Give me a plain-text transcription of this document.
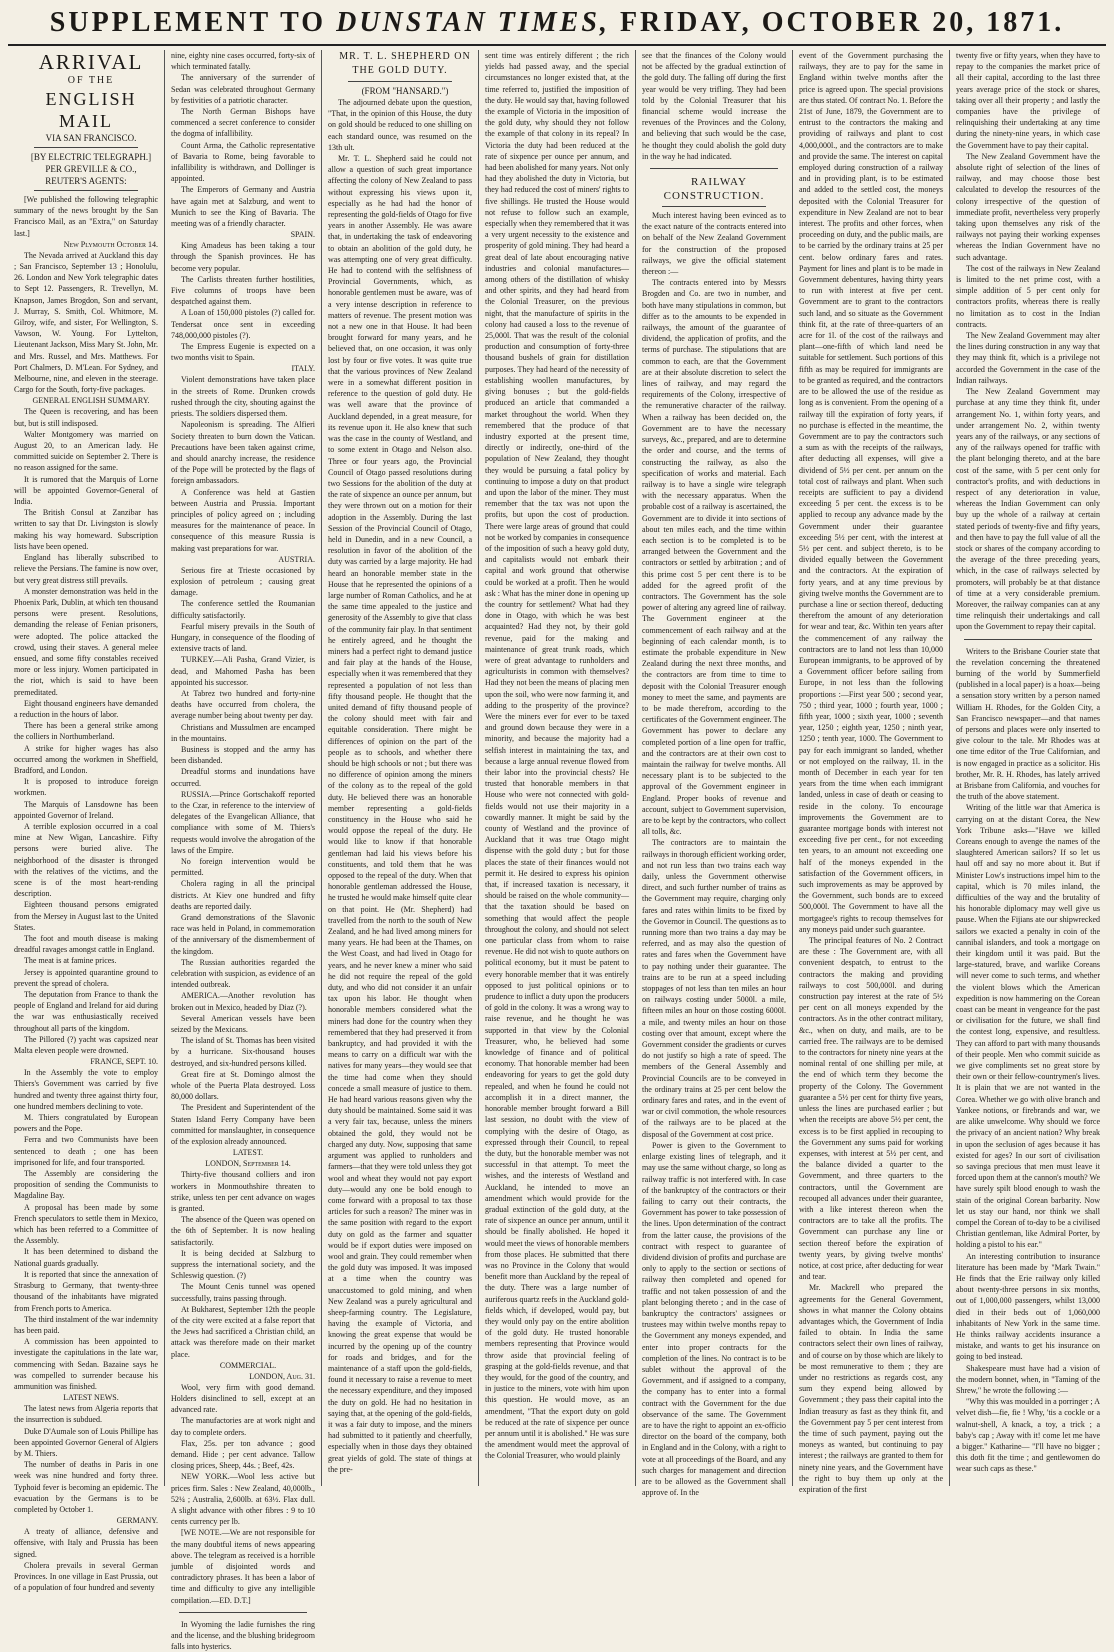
SUPPLEMENT TO DUNSTAN TIMES, FRIDAY, OCTOBER 20, 1871.

ARRIVAL

OF THE

ENGLISH MAIL

VIA SAN FRANCISCO.

[BY ELECTRIC TELEGRAPH.]

PER GREVILLE & CO., REUTER'S AGENTS:

[We published the following telegraphic summary of the news brought by the San Francisco Mail, as an "Extra," on Saturday last.]

New Plymouth October 14.

The Nevada arrived at Auckland this day ; San Francisco, September 13 ; Honolulu, 26. London and New York telegraphic dates to Sept 12. Passengers, R. Trevellyn, M. Knapson, James Brogdon, Son and servant, J. Murray, S. Smith, Col. Whitmore, M. Gilroy, wife, and sister, For Wellington, S. Vawson, W. Young. For Lyttelton, Lieutenant Jackson, Miss Mary St. John, Mr. and Mrs. Russel, and Mrs. Matthews. For Port Chalmers, D. M'Lean. For Sydney, and Melbourne, nine, and eleven in the steerage. Cargo for the South, forty-five packages.

GENERAL ENGLISH SUMMARY.

The Queen is recovering, and has been but, but is still indisposed.

Walter Montgomery was married on August 20, to an American lady. He committed suicide on September 2. There is no reason assigned for the same.

It is rumored that the Marquis of Lorne will be appointed Governor-General of India.

The British Consul at Zanzibar has written to say that Dr. Livingston is slowly making his way homeward. Subscription lists have been opened.

England has liberally subscribed to relieve the Persians. The famine is now over, but very great distress still prevails.

A monster demonstration was held in the Phoenix Park, Dublin, at which ten thousand persons were present. Resolutions, demanding the release of Fenian prisoners, were adopted. The police attacked the crowd, using their staves. A general melee ensued, and some fifty constables received more or less injury. Women participated in the riot, which is said to have been premeditated.

Eight thousand engineers have demanded a reduction in the hours of labor.

There has been a general strike among the colliers in Northumberland.

A strike for higher wages has also occurred among the workmen in Sheffield, Bradford, and London.

It is proposed to introduce foreign workmen.

The Marquis of Lansdowne has been appointed Governor of Ireland.

A terrible explosion occurred in a coal mine at New Wigan, Lancashire. Fifty persons were buried alive. The neighborhood of the disaster is thronged with the relatives of the victims, and the scene is of the most heart-rending description.

Eighteen thousand persons emigrated from the Mersey in August last to the United States.

The foot and mouth disease is making dreadful ravages amongst cattle in England.

The meat is at famine prices.

Jersey is appointed quarantine ground to prevent the spread of cholera.

The deputation from France to thank the people of England and Ireland for aid during the war was enthusiastically received throughout all parts of the kingdom.

The Pillored (?) yacht was capsized near Malta eleven people were drowned.

FRANCE, SEPT. 10.

In the Assembly the vote to employ Thiers's Government was carried by five hundred and twenty three against thirty four, one hundred members declining to vote.

M. Thiers congratulated by European powers and the Pope.

Ferra and two Communists have been sentenced to death ; one has been imprisoned for life, and four transported.

The Assembly are considering the proposition of sending the Communists to Magdaline Bay.

A proposal has been made by some French speculators to settle them in Mexico, which has been referred to a Committee of the Assembly.

It has been determined to disband the National guards gradually.

It is reported that since the annexation of Strasburg to Germany, that twenty-three thousand of the inhabitants have migrated from French ports to America.

The third instalment of the war indemnity has been paid.

A commission has been appointed to investigate the capitulations in the late war, commencing with Sedan. Bazaine says he was compelled to surrender because his ammunition was finished.

LATEST NEWS.

The latest news from Algeria reports that the insurrection is subdued.

Duke D'Aumale son of Louis Phillipe has been appointed Governor General of Algiers by M. Thiers.

The number of deaths in Paris in one week was nine hundred and forty three. Typhoid fever is becoming an epidemic. The evacuation by the Germans is to be completed by October 1.

GERMANY.

A treaty of alliance, defensive and offensive, with Italy and Prussia has been signed.

Cholera prevails in several German Provinces. In one village in East Prussia, out of a population of four hundred and seventy

nine, eighty nine cases occurred, forty-six of which terminated fatally.

The anniversary of the surrender of Sedan was celebrated throughout Germany by festivities of a patriotic character.

The North German Bishops have commenced a secret conference to consider the dogma of infallibility.

Count Arma, the Catholic representative of Bavaria to Rome, being favorable to infallibility is withdrawn, and Dollinger is appointed.

The Emperors of Germany and Austria have again met at Salzburg, and went to Munich to see the King of Bavaria. The meeting was of a friendly character.

SPAIN.

King Amadeus has been taking a tour through the Spanish provinces. He has become very popular.

The Carlists threaten further hostilities, Five columns of troops have been despatched against them.

A Loan of 150,000 pistoles (?) called for. Tendersat once sent in exceeding 748,000,000 pistoles (?).

The Empress Eugenie is expected on a two months visit to Spain.

ITALY.

Violent demonstrations have taken place in the streets of Rome. Drunken crowds rushed through the city, shouting against the priests. The soldiers dispersed them.

Napoleonism is spreading. The Alfieri Society threaten to burn down the Vatican. Precautions have been taken against crime, and should anarchy increase, the residence of the Pope will be protected by the flags of foreign ambassadors.

A Conference was held at Gastien between Austria and Prussia. Important principles of policy agreed on ; including measures for the maintenance of peace. In consequence of this measure Russia is making vast preparations for war.

AUSTRIA.

Serious fire at Trieste occasioned by explosion of petroleum ; causing great damage.

The conference settled the Roumanian difficulty satisfactorily.

Fearful misery prevails in the South of Hungary, in consequence of the flooding of extensive tracts of land.

TURKEY.—Ali Pasha, Grand Vizier, is dead, and Mahomed Pasha has been appointed his successor.

At Tabrez two hundred and forty-nine deaths have occurred from cholera, the average number being about twenty per day.

Christians and Mussulmen are encamped in the mountains.

Business is stopped and the army has been disbanded.

Dreadful storms and inundations have occurred.

RUSSIA.—Prince Gortschakoff reported to the Czar, in reference to the interview of delegates of the Evangelican Alliance, that compliance with some of M. Thiers's requests would involve the abrogation of the laws of the Empire.

No foreign intervention would be permitted.

Cholera raging in all the principal districts. At Kiev one hundred and fifty deaths are reported daily.

Grand demonstrations of the Slavonic race was held in Poland, in commemoration of the anniversary of the dismemberment of the kingdom.

The Russian authorities regarded the celebration with suspicion, as evidence of an intended outbreak.

AMERICA.—Another revolution has broken out in Mexico, headed by Diaz (?).

Several American vessels have been seized by the Mexicans.

The island of St. Thomas has been visited by a hurricane. Six-thousand houses destroyed, and six-hundred persons killed.

Great fire at St. Domingo almost the whole of the Puerta Plata destroyed. Loss 80,000 dollars.

The President and Superintendent of the Staten Island Ferry Company have been committed for manslaughter, in consequence of the explosion already announced.

LATEST.

LONDON, September 14.

Thirty-five thousand colliers and iron workers in Monmouthshire threaten to strike, unless ten per cent advance on wages is granted.

The absence of the Queen was opened on the 6th of September. It is now healing satisfactorily.

It is being decided at Salzburg to suppress the international society, and the Schleswig question. (?)

The Mount Cenis tunnel was opened successfully, trains passing through.

At Bukharest, September 12th the people of the city were excited at a false report that the Jews had sacrificed a Christian child, an attack was therefore made on their market place.

COMMERCIAL.

LONDON, Aug. 31.

Wool, very firm with good demand. Holders disinclined to sell, except at an advanced rate.

The manufactories are at work night and day to complete orders.

Flax, 25s. per ton advance ; good demand. Hide ; per cent advance. Tallow closing prices, Sheep, 44s. ; Beef, 42s.

NEW YORK.—Wool less active but prices firm. Sales : New Zealand, 40,000lb., 52¼ ; Australia, 2,600lb. at 63½. Flax dull. A slight advance with other fibres : 9 to 10 cents currency per lb.

[WE NOTE.—We are not responsible for the many doubtful items of news appearing above. The telegram as received is a horrible jumble of disjointed words and contradictory phrases. It has been a labor of time and difficulty to give any intelligible compilation.—ED. D.T.]

In Wyoming the ladie furnishes the ring and the license, and the blushing bridegroom falls into hysterics.

MR. T. L. SHEPHERD ON THE GOLD DUTY.

(FROM "HANSARD.")

The adjourned debate upon the question, "That, in the opinion of this House, the duty on gold should be reduced to one shilling on each standard ounce, was resumed on the 13th ult.

Mr. T. L. Shepherd said he could not allow a question of such great importance affecting the colony of New Zealand to pass without expressing his views upon it, especially as he had had the honor of representing the gold-fields of Otago for five years in another Assembly. He was aware that, in undertaking the task of endeavoring to obtain an abolition of the gold duty, he was attempting one of very great difficulty. He had to contend with the selfishness of Provincial Governments, which, as honorable gentlemen must be aware, was of a very intense description in reference to matters of revenue. The present motion was not a new one in that House. It had been brought forward for many years, and he believed that, on one occasion, it was only lost by four or five votes. It was quite true that the various provinces of New Zealand were in a somewhat different position in reference to the question of gold duty. He was well aware that the province of Auckland depended, in a great measure, for its revenue upon it. He also knew that such was the case in the county of Westland, and to some extent in Otago and Nelson also. Three or four years ago, the Provincial Council of Otago passed resolutions during two Sessions for the abolition of the duty at the rate of sixpence an ounce per annum, but they were thrown out on a motion for their adoption in the Assembly. During the last Session of the Provincial Council of Otago, held in Dunedin, and in a new Council, a resolution in favor of the abolition of the duty was carried by a large majority. He had heard an honorable member state in the House that he represented the opinions of a large number of Roman Catholics, and he at the same time appealed to the justice and generosity of the Assembly to give that class of the community fair play. In that sentiment he entirely agreed, and he thought the miners had a perfect right to demand justice and fair play at the hands of the House, especially when it was remembered that they represented a population of not less than fifty thousand people. He thought that the united demand of fifty thousand people of the colony should meet with fair and equitable consideration. There might be differences of opinion on the part of the people as to schools, and whether there should be high schools or not ; but there was no difference of opinion among the miners of the colony as to the repeal of the gold duty. He believed there was an honorable member representing a gold-fields constituency in the House who said he would oppose the repeal of the duty. He would like to know if that honorable gentleman had laid his views before his constituents, and told them that he was opposed to the repeal of the duty. When that honorable gentleman addressed the House, he trusted he would make himself quite clear on that point. He (Mr. Shepherd) had travelled from the north to the south of New Zealand, and he had lived among miners for many years. He had been at the Thames, on the West Coast, and had lived in Otago for years, and he never knew a miner who said he did not require the repeal of the gold duty, and who did not consider it an unfair tax upon his labor. He thought when honorable members considered what the miners had done for the country when they remembered that they had preserved it from bankruptcy, and had provided it with the means to carry on a difficult war with the natives for many years—they would see that the time had come when they should concede a small measure of justice to them. He had heard various reasons given why the duty should be maintained. Some said it was a very fair tax, because, unless the miners obtained the gold, they would not be charged any duty. Now, supposing that same argument was applied to runholders and farmers—that they were told unless they got wool and wheat they would not pay export duty—would any one be bold enough to come forward with a proposal to tax those articles for such a reason? The miner was in the same position with regard to the export duty on gold as the farmer and squatter would be if export duties were imposed on wool and grain. They could remember when the gold duty was imposed. It was imposed at a time when the country was unaccustomed to gold mining, and when New Zealand was a purely agricultural and sheep-farming country. The Legislature, having the example of Victoria, and knowing the great expense that would be incurred by the opening up of the country for roads and bridges, and for the maintenance of a staff upon the gold-fields, found it necessary to raise a revenue to meet the necessary expenditure, and they imposed the duty on gold. He had no hesitation in saying that, at the opening of the gold-fields, it was a fair duty to impose, and the miners had submitted to it patiently and cheerfully, especially when in those days they obtained great yields of gold. The state of things at the pre-

sent time was entirely different ; the rich yields had passed away, and the special circumstances no longer existed that, at the time referred to, justified the imposition of the duty. He would say that, having followed the example of Victoria in the imposition of the gold duty, why should they not follow the example of that colony in its repeal? In Victoria the duty had been reduced at the rate of sixpence per ounce per annum, and had been abolished for many years. Not only had they abolished the duty in Victoria, but they had reduced the cost of miners' rights to five shillings. He trusted the House would not refuse to follow such an example, especially when they remembered that it was a very urgent necessity to the existence and prosperity of gold mining. They had heard a great deal of late about encouraging native industries and colonial manufactures—among others of the distillation of whisky and other spirits, and they had heard from the Colonial Treasurer, on the previous night, that the manufacture of spirits in the colony had caused a loss to the revenue of 25,000l. That was the result of the colonial production and consumption of forty-three thousand bushels of grain for distillation purposes. They had heard of the necessity of establishing woollen manufactures, by giving bonuses ; but the gold-fields produced an article that commanded a market throughout the world. When they remembered that the produce of that industry exported at the present time, directly or indirectly, one-third of the population of New Zealand, they thought they would be pursuing a fatal policy by continuing to impose a duty on that product and upon the labor of the miner. They must remember that the tax was not upon the profits, but upon the cost of production. There were large areas of ground that could not be worked by companies in consequence of the imposition of such a heavy gold duty, and capitalists would not embark their capital and work ground that otherwise could be worked at a profit. Then he would ask : What has the miner done in opening up the country for settlement? What had they done in Otago, with which he was best acquainted? Had they not, by their gold revenue, paid for the making and maintenance of great trunk roads, which were of great advantage to runholders and agriculturists in common with themselves? Had they not been the means of placing men upon the soil, who were now farming it, and adding to the prosperity of the province? Were the miners ever for ever to be taxed and ground down because they were in a minority, and because the majority had a selfish interest in maintaining the tax, and because a large annual revenue flowed from their labor into the provincial chests? He trusted that honorable members in that House who were not connected with gold-fields would not use their majority in a cowardly manner. It might be said by the county of Westland and the province of Auckland that it was true Otago might dispense with the gold duty ; but for those places the state of their finances would not permit it. He desired to express his opinion that, if increased taxation is necessary, it should be raised on the whole community—that the taxation should be based on something that would affect the people throughout the colony, and should not select one particular class from whom to raise revenue. He did not wish to quote authors on political economy, but it must be patent to every honorable member that it was entirely opposed to just political opinions or to prudence to inflict a duty upon the producers of gold in the colony. It was a wrong way to raise revenue, and he thought he was supported in that view by the Colonial Treasurer, who, he believed had some knowledge of finance and of political economy. That honorable member had been endeavoring for years to get the gold duty repealed, and when he found he could not accomplish it in a direct manner, the honorable member brought forward a Bill last session, no doubt with the view of complying with the desire of Otago, as expressed through their Council, to repeal the duty, but the honorable member was not successful in that attempt. To meet the wishes, and the interests of Westland and Auckland, he intended to move an amendment which would provide for the gradual extinction of the gold duty, at the rate of sixpence an ounce per annum, until it should be finally abolished. He hoped it would meet the views of honorable members from those places. He submitted that there was no Province in the Colony that would benefit more than Auckland by the repeal of the duty. There was a large number of auriferous quartz reefs in the Auckland gold-fields which, if developed, would pay, but they would only pay on the entire abolition of the gold duty. He trusted honorable members representing that Province would throw aside that provincial feeling of grasping at the gold-fields revenue, and that they would, for the good of the country, and in justice to the miners, vote with him upon this question. He would move, as an amendment, "That the export duty on gold be reduced at the rate of sixpence per ounce per annum until it is abolished." He was sure the amendment would meet the approval of the Colonial Treasurer, who would plainly

see that the finances of the Colony would not be affected by the gradual extinction of the gold duty. The falling off during the first year would be very trifling. They had been told by the Colonial Treasurer that his financial scheme would increase the revenues of the Provinces and the Colony, and believing that such would be the case, he thought they could abolish the gold duty in the way he had indicated.

RAILWAY CONSTRUCTION.

Much interest having been evinced as to the exact nature of the contracts entered into on behalf of the New Zealand Government for the construction of the proposed railways, we give the official statement thereon :—

The contracts entered into by Messrs Brogden and Co. are two in number, and both have many stipulations in common, but differ as to the amounts to be expended in railways, the amount of the guarantee of dividend, the application of profits, and the terms of purchase. The stipulations that are common to each, are that the Government are at their absolute discretion to select the lines of railway, and may regard the requirements of the Colony, irrespective of the remunerative character of the railway. When a railway has been decided on, the Government are to have the necessary surveys, &c., prepared, and are to determine the order and course, and the terms of constructing the railway, as also the specification of works and material. Each railway is to have a single wire telegraph with the necessary apparatus. When the probable cost of a railway is ascertained, the Government are to divide it into sections of about ten miles each, and the time within each section is to be completed is to be arranged between the Government and the contractors or settled by arbitration ; and of this prime cost 5 per cent there is to be added for the agreed profit of the contractors. The Government has the sole power of altering any agreed line of railway. The Government engineer at the commencement of each railway and at the beginning of each calendar month, is to estimate the probable expenditure in New Zealand during the next three months, and the contractors are from time to time to deposit with the Colonial Treasurer enough money to meet the same, and payments are to be made therefrom, according to the certificates of the Government engineer. The Government has power to declare any completed portion of a line open for traffic, and the contractors are at their own cost to maintain the railway for twelve months. All necessary plant is to be subjected to the approval of the Government engineer in England. Proper books of revenue and account, subject to Government supervision, are to be kept by the contractors, who collect all tolls, &c.

The contractors are to maintain the railways in thorough efficient working order, and not run less than two trains each way daily, unless the Government otherwise direct, and such further number of trains as the Government may require, charging only fares and rates within limits to be fixed by the Governor in Council. The questions as to running more than two trains a day may be referred, and as may also the question of rates and fares when the Government have to pay nothing under their guarantee. The trains are to be run at a speed including stoppages of not less than ten miles an hour on railways costing under 5000l. a mile, fifteen miles an hour on those costing 6000l. a mile, and twenty miles an hour on those costing over that amount, except where the Government consider the gradients or curves do not justify so high a rate of speed. The members of the General Assembly and Provincial Councils are to be conveyed in the ordinary trains at 25 per cent below the ordinary fares and rates, and in the event of war or civil commotion, the whole resources of the railways are to be placed at the disposal of the Government at cost price.

Power is given to the Government to enlarge existing lines of telegraph, and it may use the same without charge, so long as railway traffic is not interfered with. In case of the bankruptcy of the contractors or their failing to carry out their contracts, the Government has power to take possession of the lines. Upon determination of the contract from the latter cause, the provisions of the contract with respect to guarantee of dividend division of profits and purchase are only to apply to the section or sections of railway then completed and opened for traffic and not taken possession of and the plant belonging thereto ; and in the case of bankruptcy the contractors' assignees or trustees may within twelve months repay to the Government any moneys expended, and enter into proper contracts for the completion of the lines. No contract is to be sublet without the approval of the Government, and if assigned to a company, the company has to enter into a formal contract with the Government for the due observance of the same. The Government are to have the right to appoint an ex-officio director on the board of the company, both in England and in the Colony, with a right to vote at all proceedings of the Board, and any such charges for management and direction are to be allowed as the Government shall approve of. In the

event of the Government purchasing the railways, they are to pay for the same in England within twelve months after the price is agreed upon. The special provisions are thus stated. Of contract No. 1. Before the 21st of June, 1879, the Government are to entrust to the contractors the making and providing of railways and plant to cost 4,000,000l., and the contractors are to make and provide the same. The interest on capital employed during construction of a railway and in providing plant, is to be estimated and added to the settled cost, the moneys deposited with the Colonial Treasurer for expenditure in New Zealand are not to bear interest. The profits and other forces, when proceeding on duty, and the public mails, are to be carried by the ordinary trains at 25 per cent. below ordinary fares and rates. Payment for lines and plant is to be made in Government debentures, having thirty years to run with interest at five per cent. Government are to grant to the contractors such land, and so situate as the Government think fit, at the rate of three-quarters of an acre for 1l. of the cost of the railways and plant—one-fifth of which land need be suitable for settlement. Such portions of this fifth as may be required for immigrants are to be granted as required, and the contractors are to be allowed the use of the residue as long as is convenient. From the opening of a railway till the expiration of forty years, if no purchase is effected in the meantime, the Government are to pay the contractors such a sum as with the receipts of the railways, after deducting all expenses, will give a dividend of 5½ per cent. per annum on the total cost of railways and plant. When such receipts are sufficient to pay a dividend exceeding 5 per cent. the excess is to be applied to recoup any advance made by the Government under their guarantee exceeding 5½ per cent, with the interest at 5½ per cent. and subject thereto, is to be divided equally between the Government and the contractors. At the expiration of forty years, and at any time previous by giving twelve months the Government are to purchase a line or section thereof, deducting therefrom the amount of any deterioration for wear and tear, &c. Within ten years after the commencement of any railway the contractors are to land not less than 10,000 European immigrants, to be approved of by a Government officer before sailing from Europe, in not less than the following proportions :—First year 500 ; second year, 750 ; third year, 1000 ; fourth year, 1000 ; fifth year, 1000 ; sixth year, 1000 ; seventh year, 1250 ; eighth year, 1250 ; ninth year, 1250 ; tenth year, 1000. The Government to pay for each immigrant so landed, whether or not employed on the railway, 1l. in the month of December in each year for ten years from the time when each immigrant landed, unless in case of death or ceasing to reside in the colony. To encourage improvements the Government are to guarantee mortgage bonds with interest not exceeding five per cent., for not exceeding ten years, to an amount not exceeding one half of the moneys expended in the satisfaction of the Government officers, in such improvements as may be approved by the Government, such bonds are to exceed 500,000l. The Government to have all the mortgagee's rights to recoup themselves for any moneys paid under such guarantee.

The principal features of No. 2 Contract are these : The Government are, with all convenient despatch, to entrust to the contractors the making and providing railways to cost 500,000l. and during construction pay interest at the rate of 5½ per cent on all moneys expended by the contractors. As in the other contract military, &c., when on duty, and mails, are to be carried free. The railways are to be demised to the contractors for ninety nine years at the nominal rental of one shilling per mile, at the end of which term they become the property of the Colony. The Government guarantee a 5½ per cent for thirty five years, unless the lines are purchased earlier ; but when the receipts are above 5½ per cent, the excess is to be first applied in recouping to the Government any sums paid for working expenses, with interest at 5½ per cent, and the balance divided a quarter to the Government, and three quarters to the contractors, until the Government are recouped all advances under their guarantee, with a like interest thereon when the contractors are to take all the profits. The Government can purchase any line or section thereof before the expiration of twenty years, by giving twelve months' notice, at cost price, after deducting for wear and tear.

Mr. Mackrell who prepared the agreements for the General Government, shows in what manner the Colony obtains advantages which, the Government of India failed to obtain. In India the same contractors select their own lines of railway, and of course on by those which are likely to be most remunerative to them ; they are under no restrictions as regards cost, any sum they expend being allowed by Government ; they pass their capital into the Indian treasury as fast as they think fit, and the Government pay 5 per cent interest from the time of such payment, paying out the moneys as wanted, but continuing to pay interest ; the railways are granted to them for ninety nine years, and the Government have the right to buy them up only at the expiration of the first

twenty five or fifty years, when they have to repay to the companies the market price of all their capital, according to the last three years average price of the stock or shares, taking over all their property ; and lastly the companies have the privilege of relinquishing their undertaking at any time during the ninety-nine years, in which case the Government have to pay their capital.

The New Zealand Government have the absolute right of selection of the lines of railway, and may choose those best calculated to develop the resources of the colony irrespective of the question of immediate profit, nevertheless very properly taking upon themselves any risk of the railways not paying their working expenses whereas the Indian Government have no such advantage.

The cost of the railways in New Zealand is limited to the net prime cost, with a simple addition of 5 per cent only for contractors profits, whereas there is really no limitation as to cost in the Indian contracts.

The New Zealand Government may alter the lines during construction in any way that they may think fit, which is a privilege not accorded the Government in the case of the Indian railways.

The New Zealand Government may purchase at any time they think fit, under arrangement No. 1, within forty years, and under arrangement No. 2, within twenty years any of the railways, or any sections of any of the railways opened for traffic with the plant belonging thereto, and at the bare cost of the same, with 5 per cent only for contractor's profits, and with deductions in respect of any deterioration in value, whereas the Indian Government can only buy up the whole of a railway at certain stated periods of twenty-five and fifty years, and then have to pay the full value of all the stock or shares of the company according to the average of the three preceding years, which, in the case of railways selected by promoters, will probably be at that distance of time at a very considerable premium. Moreover, the railway companies can at any time relinquish their undertakings and call upon the Government to repay their capital.

Writers to the Brisbane Courier state that the revelation concerning the threatened burning of the world by Summerfield (published in a local paper) is a hoax—being a sensation story written by a person named William H. Rhodes, for the Golden City, a San Francisco newspaper—and that names of persons and places were only inserted to give colour to the tale. Mr Rhodes was at one time editor of the True Californian, and is now engaged in practice as a solicitor. His brother, Mr. R. H. Rhodes, has lately arrived at Brisbane from California, and vouches for the truth of the above statement.

Writing of the little war that America is carrying on at the distant Corea, the New York Tribune asks—"Have we killed Coreans enough to avenge the names of the slaughtered American sailors? If so let us haul off and say no more about it. But if Minister Low's instructions impel him to the capital, which is 70 miles inland, the difficulties of the way and the brutality of his honorable diplomacy may well give us pause. When the Fijians ate our shipwrecked sailors we exacted a penalty in coin of the cannibal islanders, and took a mortgage on their kingdom until it was paid. But the large-statured, brave, and warlike Coreans will never come to such terms, and whether the violent blows which the American expedition is now hammering on the Corean coast can be meant in vengeance for the past or civilisation for the future, we shall find the contest long, expensive, and resultless. They can afford to part with many thousands of their people. Men who commit suicide as we give compliments set no great store by their own or their fellow-countrymen's lives. It is plain that we are not wanted in the Corea. Whether we go with olive branch and Yankee notions, or firebrands and war, we are alike unwelcome. Why should we force the privacy of an ancient nation? Why break in upon the seclusion of ages because it has existed for ages? In our sort of civilisation so savinga precious that men must leave it forced upon them at the cannon's mouth? We have surely spilt blood enough to wash the stain of the original Corean barbarity. Now let us stay our hand, nor think we shall compel the Corean of to-day to be a civilised Christian gentleman, like Admiral Porter, by holding a pistol to his ear."

An interesting contribution to insurance literature has been made by "Mark Twain." He finds that the Erie railway only killed about twenty-three persons in six months, out of 1,000,000 passengers, whilst 13,000 died in their beds out of 1,060,000 inhabitants of New York in the same time. He thinks railway accidents insurance a mistake, and wants to get his insurance on going to bed instead.

Shakespeare must have had a vision of the modern bonnet, when, in "Taming of the Shrew," he wrote the following :—

"Why this was moulded in a porringer ; A velvet dish—fie, fie ! Why, 'tis a cockle or a walnut-shell, A knack, a toy, a trick ; a baby's cap ; Away with it! come let me have a bigger." Katharine— "I'll have no bigger ; this doth fit the time ; and gentlewomen do wear such caps as these."
